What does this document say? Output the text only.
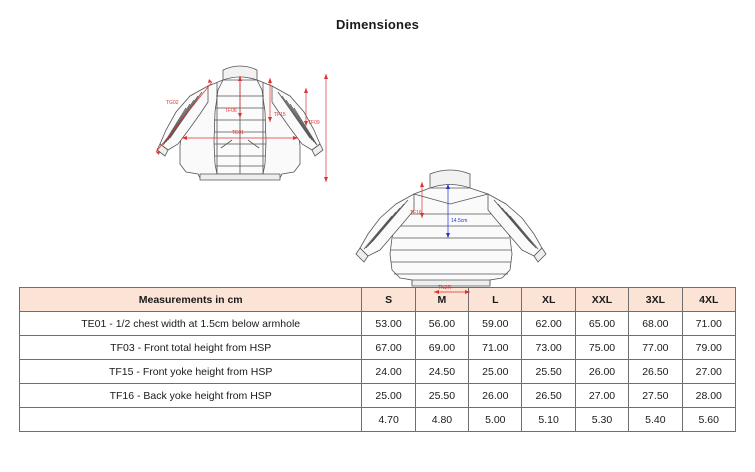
Dimensiones
TG02
TF06
TF15
TF09
TE01
TF16
14.5cm
TN2R
Measurements in cm	S	M	L	XL	XXL	3XL	4XL
TE01 - 1/2 chest width at 1.5cm below armhole	53.00	56.00	59.00	62.00	65.00	68.00	71.00
TF03 - Front total height from HSP	67.00	69.00	71.00	73.00	75.00	77.00	79.00
TF15 - Front yoke height from HSP	24.00	24.50	25.00	25.50	26.00	26.50	27.00
TF16 - Back yoke height from HSP	25.00	25.50	26.00	26.50	27.00	27.50	28.00
	4.70	4.80	5.00	5.10	5.30	5.40	5.60
